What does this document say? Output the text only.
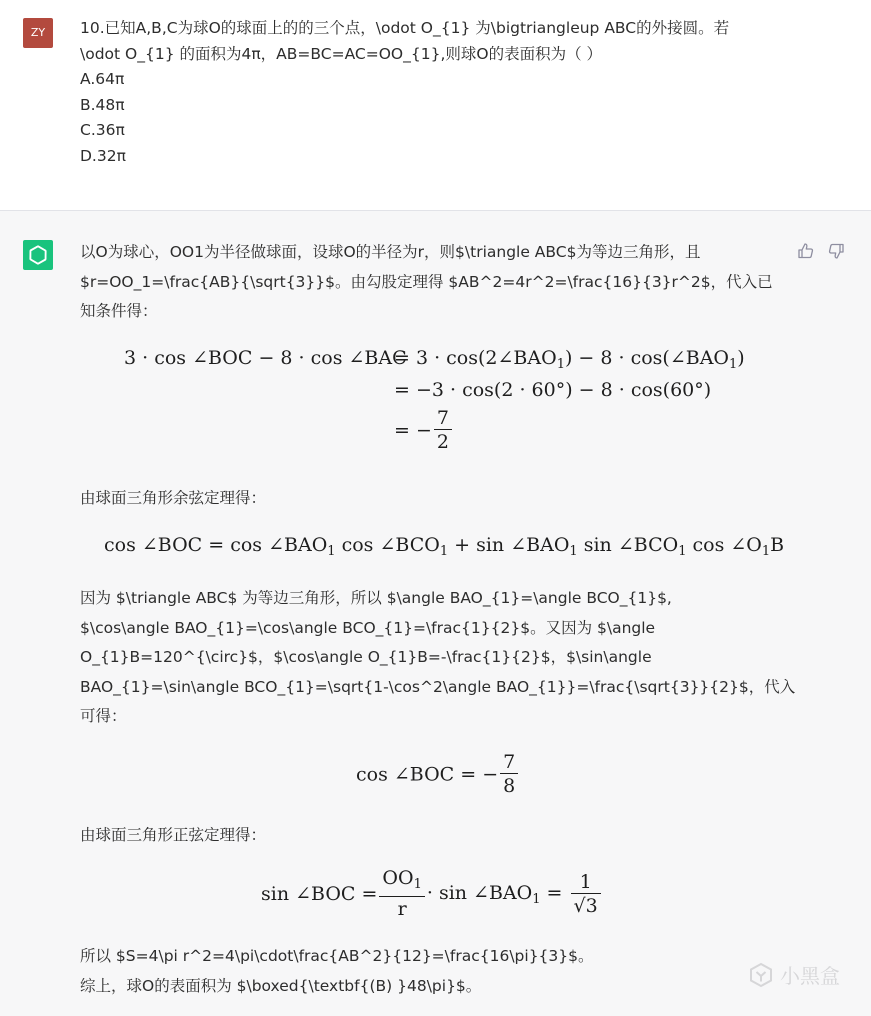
ZY	10.已知A,B,C为球O的球面上的的三个点，\odot O_{1} 为\bigtriangleup ABC的外接圆。若
\odot O_{1} 的面积为4π，AB=BC=AC=OO_{1},则球O的表面积为（ ）
A.64π
B.48π
C.36π
D.32π
以O为球心，OO1为半径做球面，设球O的半径为r，则$\triangle ABC$为等边三角形，且
$r=OO_1=\frac{AB}{\sqrt{3}}$。由勾股定理得 $AB^2=4r^2=\frac{16}{3}r^2$，代入已
知条件得：
3 · cos ∠BOC − 8 · cos ∠BAC
= $3 \cdot \cos(2\angle BAO_1) - 8$ · $\cos(\angle BAO_1)$
= −3 · cos(2 · 60°) − 8 · cos(60°)
= − $\frac{7}{2}$
由球面三角形余弦定理得：
cos ∠BOC = $\cos \angle BAO_1$ $\cos \angle BCO_1 + \sin$ $\angle BAO_1$ $\sin \angle BCO_1$ $\cos \angle O_1B$
因为 $\triangle ABC$ 为等边三角形，所以 $\angle BAO_{1}=\angle BCO_{1}$,
$\cos\angle BAO_{1}=\cos\angle BCO_{1}=\frac{1}{2}$。又因为 $\angle
O_{1}B=120^{\circ}$，$\cos\angle O_{1}B=-\frac{1}{2}$，$\sin\angle
BAO_{1}=\sin\angle BCO_{1}=\sqrt{1-\cos^2\angle BAO_{1}}=\frac{\sqrt{3}}{2}$，代入
可得：
cos ∠BOC = − $\frac{7}{8}$
由球面三角形正弦定理得：
sin ∠BOC = $\frac{OO_1}{r} \cdot \sin$ $\angle BAO_1 = \frac{1}{√3}$
所以 $S=4\pi r^2=4\pi\cdot\frac{AB^2}{12}=\frac{16\pi}{3}$。
综上，球O的表面积为 $\boxed{\textbf{(B) }48\pi}$。	小黑盒
